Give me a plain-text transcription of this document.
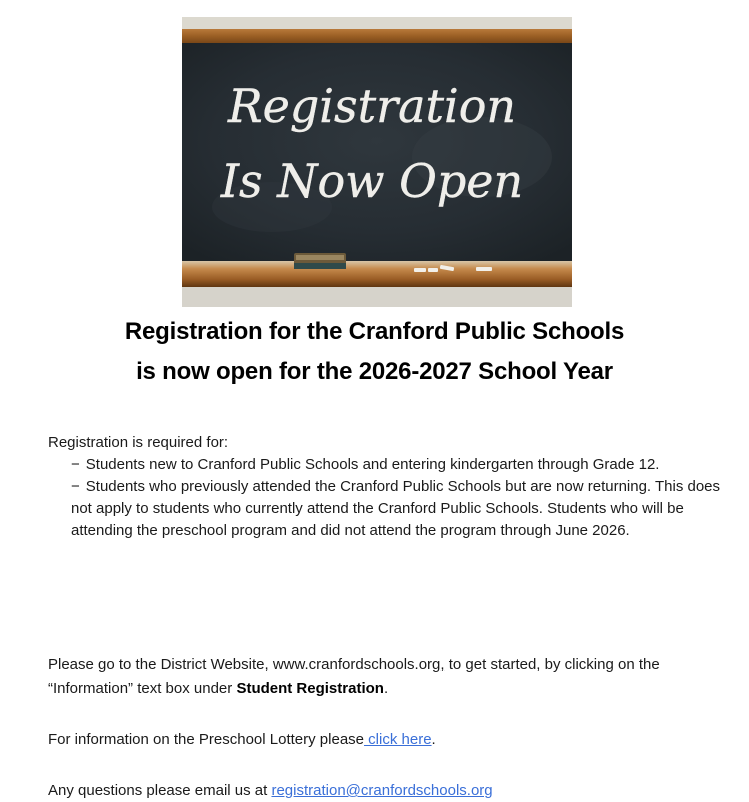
Registration
Is Now Open
Registration for the Cranford Public Schools
is now open for the 2026-2027 School Year

Registration is required for:

− Students new to Cranford Public Schools and entering kindergarten through Grade 12.
− Students who previously attended the Cranford Public Schools but are now returning. This does not apply to students who currently attend the Cranford Public Schools. Students who will be attending the preschool program and did not attend the program through June 2026.

Please go to the District Website, www.cranfordschools.org, to get started, by clicking on the “Information” text box under Student Registration.

For information on the Preschool Lottery please click here.

Any questions please email us at registration@cranfordschools.org
